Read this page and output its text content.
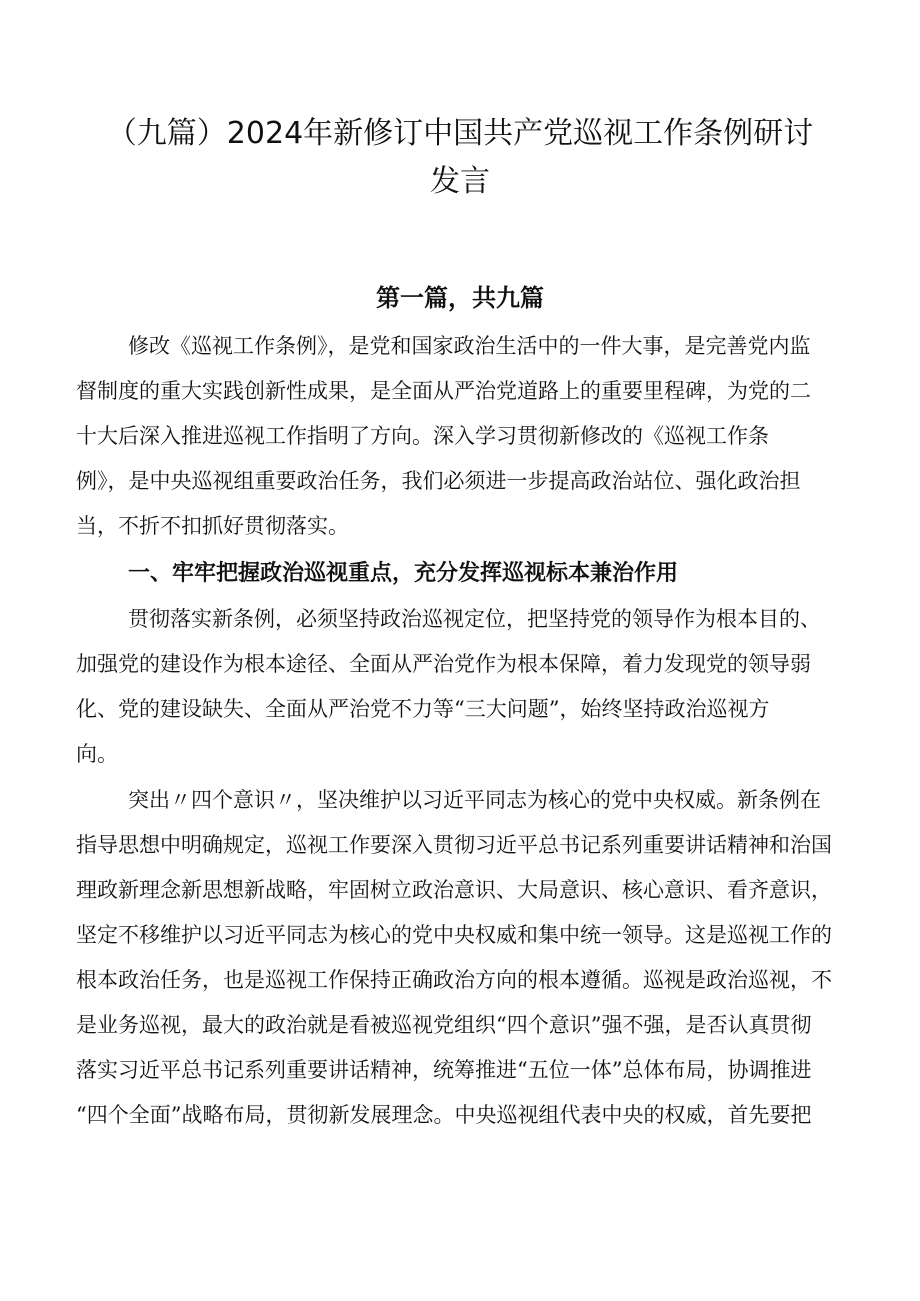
（九篇）2024年新修订中国共产党巡视工作条例研讨
发言
第一篇，共九篇

修改《巡视工作条例》，是党和国家政治生活中的一件大事，是完善党内监

督制度的重大实践创新性成果，是全面从严治党道路上的重要里程碑，为党的二

十大后深入推进巡视工作指明了方向。深入学习贯彻新修改的《巡视工作条

例》，是中央巡视组重要政治任务，我们必须进一步提高政治站位、强化政治担

当，不折不扣抓好贯彻落实。

一、牢牢把握政治巡视重点，充分发挥巡视标本兼治作用

贯彻落实新条例，必须坚持政治巡视定位，把坚持党的领导作为根本目的、

加强党的建设作为根本途径、全面从严治党作为根本保障，着力发现党的领导弱

化、党的建设缺失、全面从严治党不力等“三大问题”，始终坚持政治巡视方

向。

突出〃四个意识〃，坚决维护以习近平同志为核心的党中央权威。新条例在

指导思想中明确规定，巡视工作要深入贯彻习近平总书记系列重要讲话精神和治国

理政新理念新思想新战略，牢固树立政治意识、大局意识、核心意识、看齐意识，

坚定不移维护以习近平同志为核心的党中央权威和集中统一领导。这是巡视工作的

根本政治任务，也是巡视工作保持正确政治方向的根本遵循。巡视是政治巡视，不

是业务巡视，最大的政治就是看被巡视党组织“四个意识”强不强，是否认真贯彻

落实习近平总书记系列重要讲话精神，统筹推进“五位一体”总体布局，协调推进

“四个全面”战略布局，贯彻新发展理念。中央巡视组代表中央的权威，首先要把
